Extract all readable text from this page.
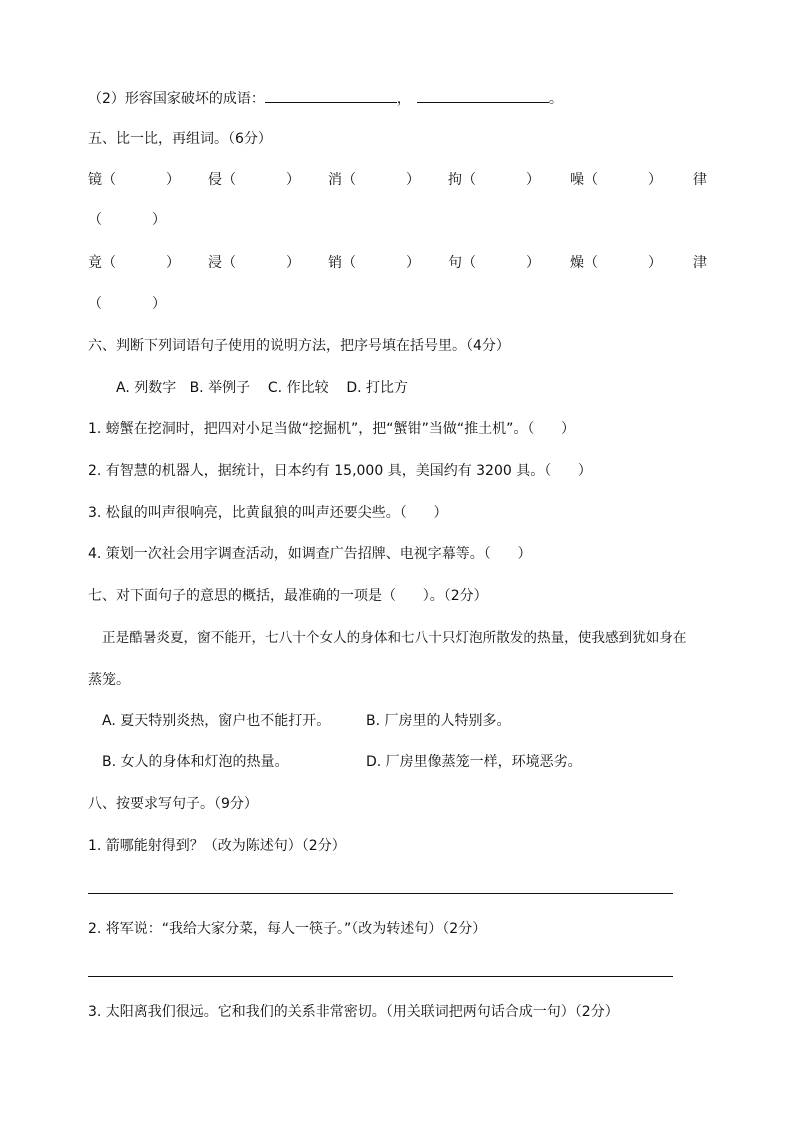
（2）形容国家破坏的成语：	，	。
五、比一比，再组词。（6分）
镜（	） 侵（	） 消（	） 拘（	） 噪（	） 律
（	）
竟（	） 浸（	） 销（	） 句（	） 燥（	） 津
（	）
六、判断下列词语句子使用的说明方法，把序号填在括号里。（4分）
A. 列数字   B. 举例子    C. 作比较    D. 打比方
1. 螃蟹在挖洞时，把四对小足当做“挖掘机”，把“蟹钳”当做“推土机”。（      ）
2. 有智慧的机器人，据统计，日本约有 15,000 具，美国约有 3200 具。（      ）
3. 松鼠的叫声很响亮，比黄鼠狼的叫声还要尖些。（      ）
4. 策划一次社会用字调查活动，如调查广告招牌、电视字幕等。（      ）
七、对下面句子的意思的概括，最准确的一项是（      ）。（2分）
正是酷暑炎夏，窗不能开，七八十个女人的身体和七八十只灯泡所散发的热量，使我感到犹如身在
蒸笼。
A. 夏天特别炎热，窗户也不能打开。	B. 厂房里的人特别多。
B. 女人的身体和灯泡的热量。	D. 厂房里像蒸笼一样，环境恶劣。
八、按要求写句子。（9分）
1. 箭哪能射得到？（改为陈述句）（2分）
2. 将军说：“我给大家分菜，每人一筷子。”（改为转述句）（2分）
3. 太阳离我们很远。它和我们的关系非常密切。（用关联词把两句话合成一句）（2分）
